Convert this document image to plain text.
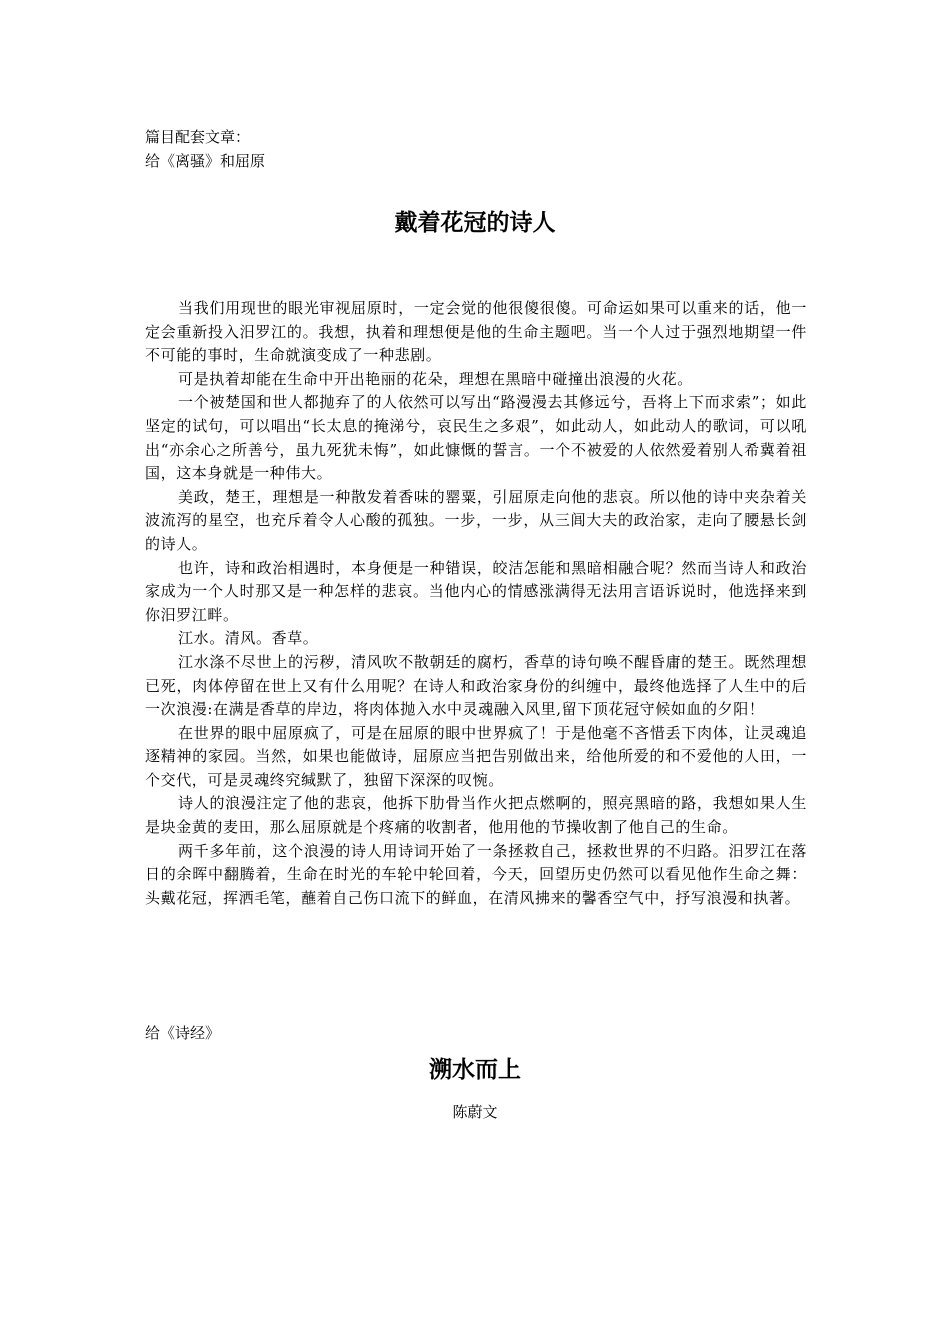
篇目配套文章：
给《离骚》和屈原
戴着花冠的诗人

当我们用现世的眼光审视屈原时，一定会觉的他很傻很傻。可命运如果可以重来的话，他一定会重新投入汨罗江的。我想，执着和理想便是他的生命主题吧。当一个人过于强烈地期望一件不可能的事时，生命就演变成了一种悲剧。

可是执着却能在生命中开出艳丽的花朵，理想在黑暗中碰撞出浪漫的火花。

一个被楚国和世人都抛弃了的人依然可以写出“路漫漫去其修远兮，吾将上下而求索”；如此坚定的试句，可以唱出“长太息的掩涕兮，哀民生之多艰”，如此动人，如此动人的歌词，可以吼出“亦余心之所善兮，虽九死犹未悔”，如此慷慨的誓言。一个不被爱的人依然爱着别人希冀着祖国，这本身就是一种伟大。

美政，楚王，理想是一种散发着香味的罂粟，引屈原走向他的悲哀。所以他的诗中夹杂着关波流泻的星空，也充斥着令人心酸的孤独。一步，一步，从三闾大夫的政治家，走向了腰悬长剑的诗人。

也许，诗和政治相遇时，本身便是一种错误，皎洁怎能和黑暗相融合呢？然而当诗人和政治家成为一个人时那又是一种怎样的悲哀。当他内心的情感涨满得无法用言语诉说时，他选择来到你汨罗江畔。

江水。清风。香草。

江水涤不尽世上的污秽，清风吹不散朝廷的腐朽，香草的诗句唤不醒昏庸的楚王。既然理想已死，肉体停留在世上又有什么用呢？在诗人和政治家身份的纠缠中，最终他选择了人生中的后一次浪漫:在满是香草的岸边，将肉体抛入水中灵魂融入风里,留下顶花冠守候如血的夕阳！

在世界的眼中屈原疯了，可是在屈原的眼中世界疯了！于是他毫不吝惜丢下肉体，让灵魂追逐精神的家园。当然，如果也能做诗，屈原应当把告别做出来，给他所爱的和不爱他的人田，一个交代，可是灵魂终究缄默了，独留下深深的叹惋。

诗人的浪漫注定了他的悲哀，他拆下肋骨当作火把点燃啊的，照亮黑暗的路，我想如果人生是块金黄的麦田，那么屈原就是个疼痛的收割者，他用他的节操收割了他自己的生命。

两千多年前，这个浪漫的诗人用诗词开始了一条拯救自己，拯救世界的不归路。汨罗江在落日的余晖中翻腾着，生命在时光的车轮中轮回着，今天，回望历史仍然可以看见他作生命之舞：头戴花冠，挥洒毛笔，蘸着自己伤口流下的鲜血，在清风拂来的馨香空气中，抒写浪漫和执著。

给《诗经》
溯水而上
陈蔚文
